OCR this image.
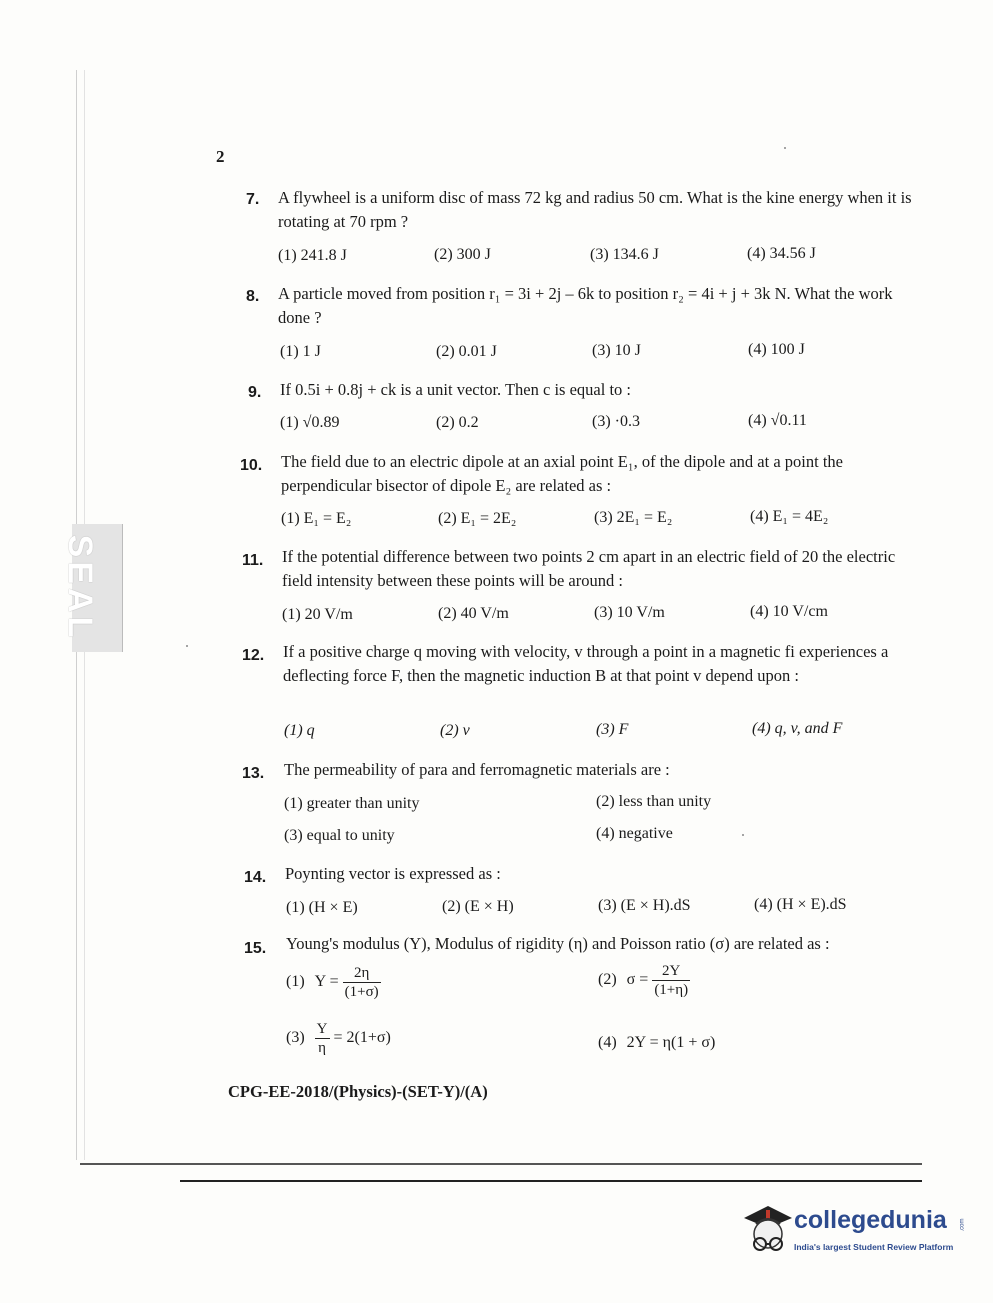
SEAL
2
7. A flywheel is a uniform disc of mass 72 kg and radius 50 cm. What is the kine energy when it is rotating at 70 rpm ?
(1) 241.8 J	(2) 300 J	(3) 134.6 J	(4) 34.56 J
8. A particle moved from position r₁ = 3i + 2j – 6k to position r₂ = 4i + j + 3k N. What the work done ?
(1) 1 J	(2) 0.01 J	(3) 10 J	(4) 100 J
9. If 0.5i + 0.8j + ck is a unit vector. Then c is equal to :
(1) √0.89	(2) 0.2	(3) ·0.3	(4) √0.11
10. The field due to an electric dipole at an axial point E₁, of the dipole and at a point the perpendicular bisector of dipole E₂ are related as :
(1) E₁ = E₂	(2) E₁ = 2E₂	(3) 2E₁ = E₂	(4) E₁ = 4E₂
11. If the potential difference between two points 2 cm apart in an electric field of 20 the electric field intensity between these points will be around :
(1) 20 V/m	(2) 40 V/m	(3) 10 V/m	(4) 10 V/cm
12. If a positive charge q moving with velocity, v through a point in a magnetic fi experiences a deflecting force F, then the magnetic induction B at that point v depend upon :
(1) q	(2) v	(3) F	(4) q, v, and F
13. The permeability of para and ferromagnetic materials are :
(1) greater than unity	(2) less than unity
(3) equal to unity	(4) negative
14. Poynting vector is expressed as :
(1) (H × E)	(2) (E × H)	(3) (E × H).dS	(4) (H × E).dS
15. Young's modulus (Y), Modulus of rigidity (η) and Poisson ratio (σ) are related as :
(1) $Y = \frac{2\eta}{(1+\sigma)}$	(2) $\sigma = \frac{2Y}{(1+\eta)}$
$(3) \frac{Y}{\eta} = 2(1+\sigma)$	(4) 2Y = η(1 + σ)
CPG-EE-2018/(Physics)-(SET-Y)/(A)
collegedunia .com
India's largest Student Review Platform
